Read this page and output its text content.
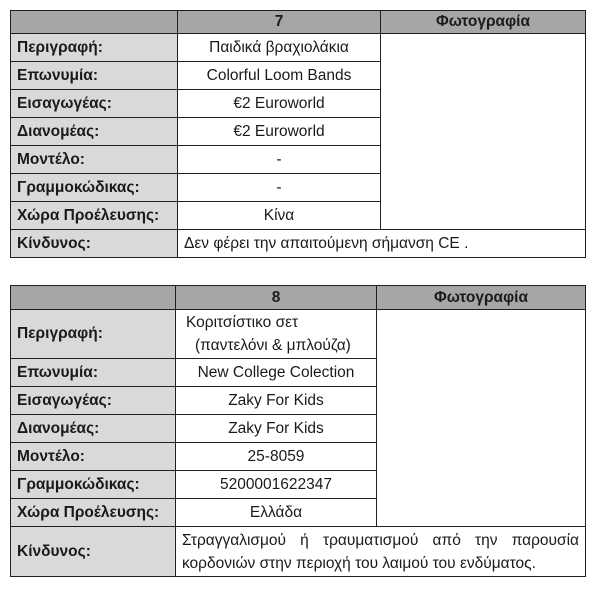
	7	Φωτογραφία
Περιγραφή:	Παιδικά βραχιολάκια	
Επωνυμία:	Colorful Loom Bands	
Εισαγωγέας:	€2 Euroworld	
Διανομέας:	€2 Euroworld	
Μοντέλο:	-	
Γραμμοκώδικας:	-	
Χώρα Προέλευσης:	Κίνα	
Κίνδυνος:	Δεν φέρει την απαιτούμενη σήμανση CE .	
	8	Φωτογραφία
Περιγραφή:	Κοριτσίστικο σετ
(παντελόνι & μπλούζα)	

Επωνυμία:	New College Colection	
Εισαγωγέας:	Zaky For Kids	
Διανομέας:	Zaky For Kids	
Μοντέλο:	25-8059	
Γραμμοκώδικας:	5200001622347	
Χώρα Προέλευσης:	Ελλάδα	
Κίνδυνος:	Στραγγαλισμού ή τραυματισμού από την παρουσία
κορδονιών στην περιοχή του λαιμού του ενδύματος.	
